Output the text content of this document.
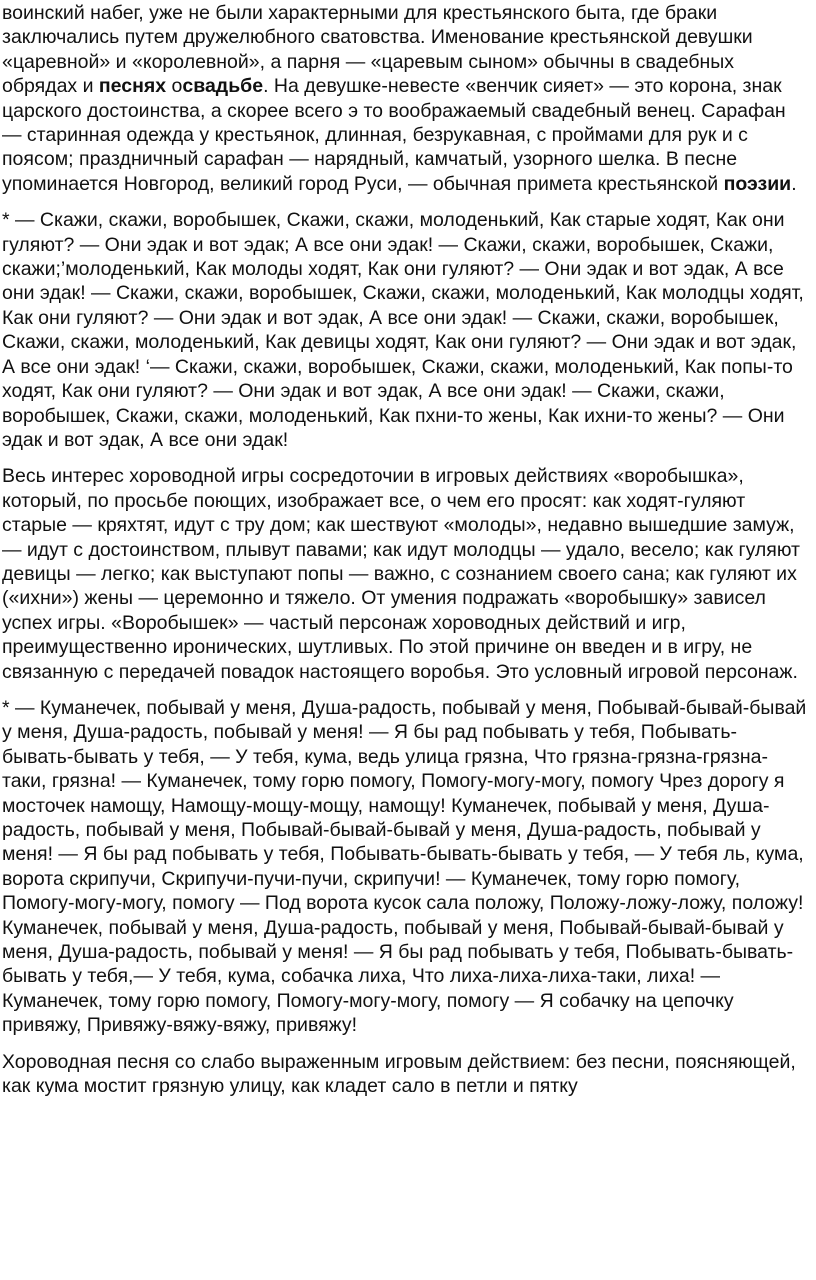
воинский набег, уже не были характерными для крестьянского быта, где браки заключались путем дружелюбного сватовства. Именование крестьянской девушки «царевной» и «королевной», а парня — «царевым сыном» обычны в свадебных обрядах и песнях освадьбе. На девушке-невесте «венчик сияет» — это корона, знак царского достоинства, а скорее всего э то воображаемый свадебный венец. Сарафан — старинная одежда у крестьянок, длинная, безрукавная, с проймами для рук и с поясом; праздничный сарафан — нарядный, камчатый, узорного шелка. В песне упоминается Новгород, великий город Руси, — обычная примета крестьянской поэзии.

* — Скажи, скажи, воробышек, Скажи, скажи, молоденький, Как старые ходят, Как они гуляют? — Они эдак и вот эдак; А все они эдак! — Скажи, скажи, воробышек, Скажи, скажи;’молоденький, Как молоды ходят, Как они гуляют? — Они эдак и вот эдак, А все они эдак! — Скажи, скажи, воробышек, Скажи, скажи, молоденький, Как молодцы ходят, Как они гуляют? — Они эдак и вот эдак, А все они эдак! — Скажи, скажи, воробышек, Скажи, скажи, молоденький, Как девицы ходят, Как они гуляют? — Они эдак и вот эдак, А все они эдак! ‘— Скажи, скажи, воробышек, Скажи, скажи, молоденький, Как попы-то ходят, Как они гуляют? — Они эдак и вот эдак, А все они эдак! — Скажи, скажи, воробышек, Скажи, скажи, молоденький, Как пхни-то жены, Как ихни-то жены? — Они эдак и вот эдак, А все они эдак!

Весь интерес хороводной игры сосредоточии в игровых действиях «воробышка», который, по просьбе поющих, изображает все, о чем его просят: как ходят-гуляют старые — кряхтят, идут с тру дом; как шествуют «молоды», недавно вышедшие замуж, — идут с достоинством, плывут павами; как идут молодцы — удало, весело; как гуляют девицы — легко; как выступают попы — важно, с сознанием своего сана; как гуляют их («ихни») жены — церемонно и тяжело. От умения подражать «воробышку» зависел успех игры. «Воробышек» — частый персонаж хороводных действий и игр, преимущественно иронических, шутливых. По этой причине он введен и в игру, не связанную с передачей повадок настоящего воробья. Это условный игровой персонаж.

* — Куманечек, побывай у меня, Душа-радость, побывай у меня, Побывай-бывай-бывай у меня, Душа-радость, побывай у меня! — Я бы рад побывать у тебя, Побывать-бывать-бывать у тебя, — У тебя, кума, ведь улица грязна, Что грязна-грязна-грязна-таки, грязна! — Куманечек, тому горю помогу, Помогу-могу-могу, помогу Чрез дорогу я мосточек намощу, Намощу-мощу-мощу, намощу! Куманечек, побывай у меня, Душа-радость, побывай у меня, Побывай-бывай-бывай у меня, Душа-радость, побывай у меня! — Я бы рад побывать у тебя, Побывать-бывать-бывать у тебя, — У тебя ль, кума, ворота скрипучи, Скрипучи-пучи-пучи, скрипучи! — Куманечек, тому горю помогу, Помогу-могу-могу, помогу — Под ворота кусок сала положу, Положу-ложу-ложу, положу! Куманечек, побывай у меня, Душа-радость, побывай у меня, Побывай-бывай-бывай у меня, Душа-радость, побывай у меня! — Я бы рад побывать у тебя, Побывать-бывать-бывать у тебя,— У тебя, кума, собачка лиха, Что лиха-лиха-лиха-таки, лиха! — Куманечек, тому горю помогу, Помогу-могу-могу, помогу — Я собачку на цепочку привяжу, Привяжу-вяжу-вяжу, привяжу!

Хороводная песня со слабо выраженным игровым действием: без песни, поясняющей, как кума мостит грязную улицу, как кладет сало в петли и пятку
